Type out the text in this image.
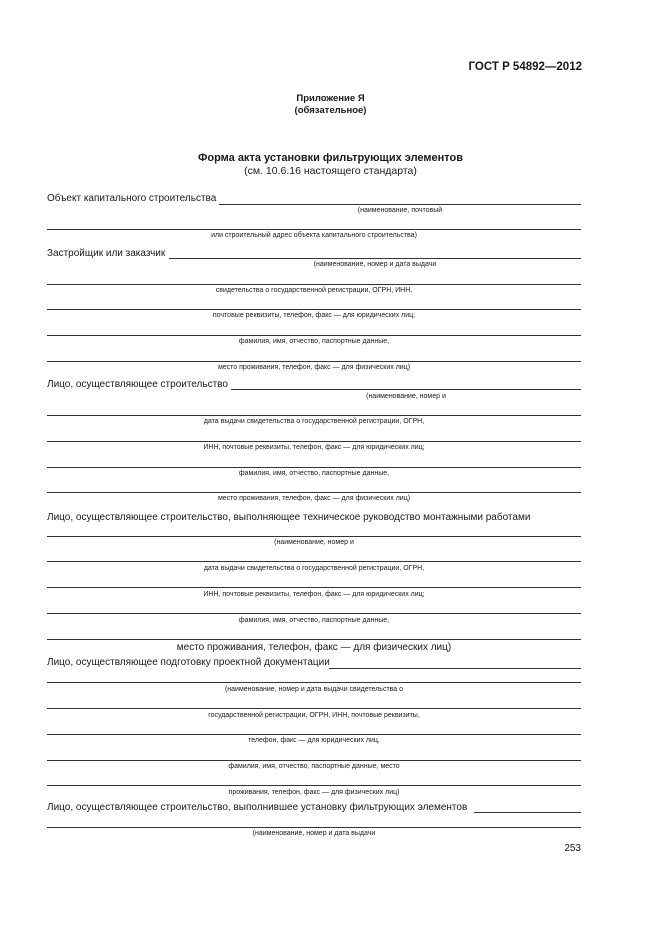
ГОСТ Р 54892—2012
Приложение Я
(обязательное)
Форма акта установки фильтрующих элементов
(см. 10.6.16 настоящего стандарта)
Объект капитального строительства
(наименование, почтовый
или строительный адрес объекта капитального строительства)
Застройщик или заказчик
(наименование, номер и дата выдачи
свидетельства о государственной регистрации, ОГРН, ИНН,
почтовые реквизиты, телефон, факс — для юридических лиц;
фамилия, имя, отчество, паспортные данные,
место проживания, телефон, факс — для физических лиц)
Лицо, осуществляющее строительство
(наименование, номер и
дата выдачи свидетельства о государственной регистрации, ОГРН,
ИНН, почтовые реквизиты, телефон, факс — для юридических лиц;
фамилия, имя, отчество, паспортные данные,
место проживания, телефон, факс — для физических лиц)
Лицо, осуществляющее строительство, выполняющее техническое руководство монтажными работами
(наименование, номер и
дата выдачи свидетельства о государственной регистрации, ОГРН,
ИНН, почтовые реквизиты, телефон, факс — для юридических лиц;
фамилия, имя, отчество, паспортные данные,
место проживания, телефон, факс — для физических лиц)
Лицо, осуществляющее подготовку проектной документации
(наименование, номер и дата выдачи свидетельства о
государственной регистрации, ОГРН, ИНН, почтовые реквизиты,
телефон, факс — для юридических лиц,
фамилия, имя, отчество, паспортные данные, место
проживания, телефон, факс — для физических лиц)
Лицо, осуществляющее строительство, выполнившее установку фильтрующих элементов
(наименование, номер и дата выдачи
253
